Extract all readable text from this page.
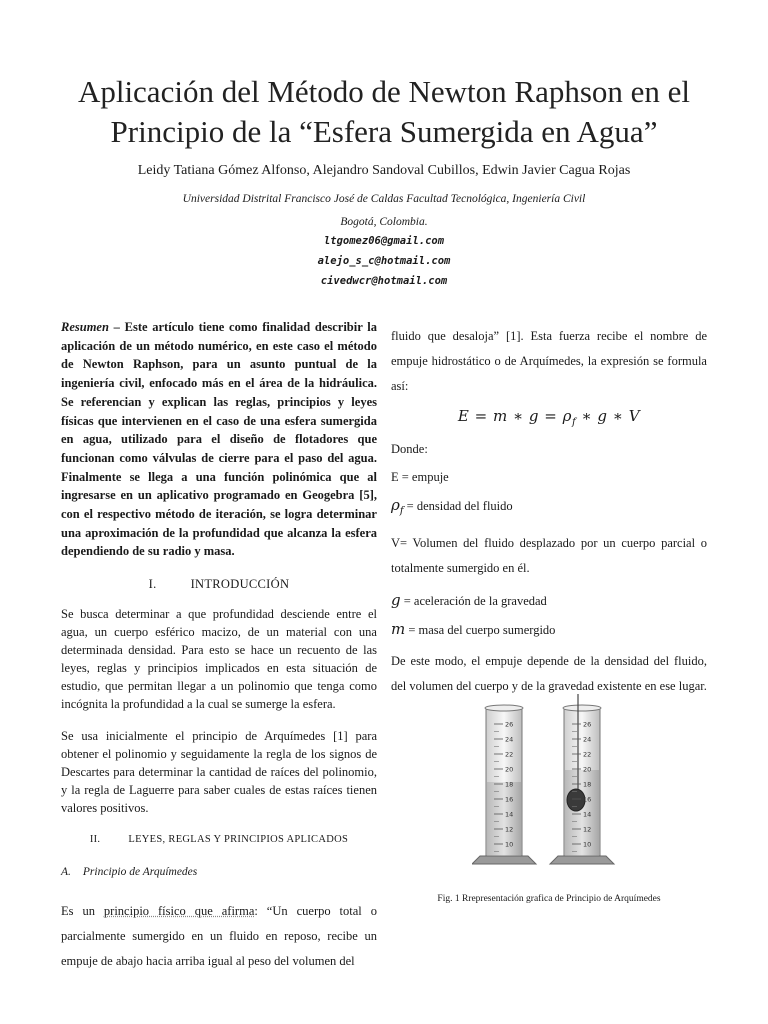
Aplicación del Método de Newton Raphson en el Principio de la “Esfera Sumergida en Agua”
Leidy Tatiana Gómez Alfonso, Alejandro Sandoval Cubillos, Edwin Javier Cagua Rojas
Universidad Distrital Francisco José de Caldas Facultad Tecnológica, Ingeniería Civil
Bogotá, Colombia.
ltgomez06@gmail.com
alejo_s_c@hotmail.com
civedwcr@hotmail.com

Resumen – Este artículo tiene como finalidad describir la aplicación de un método numérico, en este caso el método de Newton Raphson, para un asunto puntual de la ingeniería civil, enfocado más en el área de la hidráulica. Se referencian y explican las reglas, principios y leyes físicas que intervienen en el caso de una esfera sumergida en agua, utilizado para el diseño de flotadores que funcionan como válvulas de cierre para el paso del agua. Finalmente se llega a una función polinómica que al ingresarse en un aplicativo programado en Geogebra [5], con el respectivo método de iteración, se logra determinar una aproximación de la profundidad que alcanza la esfera dependiendo de su radio y masa.

I.	INTRODUCCIÓN

Se busca determinar a que profundidad desciende entre el agua, un cuerpo esférico macizo, de un material con una determinada densidad. Para esto se hace un recuento de las leyes, reglas y principios implicados en esta situación de estudio, que permitan llegar a un polinomio que tenga como incógnita la profundidad a la cual se sumerge la esfera.

Se usa inicialmente el principio de Arquímedes [1] para obtener el polinomio y seguidamente la regla de los signos de Descartes para determinar la cantidad de raíces del polinomio, y la regla de Laguerre para saber cuales de estas raíces tienen valores positivos.

II.	LEYES, REGLAS Y PRINCIPIOS APLICADOS
A. Principio de Arquímedes

Es un principio físico que afirma: “Un cuerpo total o parcialmente sumergido en un fluido en reposo, recibe un empuje de abajo hacia arriba igual al peso del volumen del

fluido que desaloja” [1]. Esta fuerza recibe el nombre de empuje hidrostático o de Arquímedes, la expresión se formula así:

E = m ∗ $g = \rho_f$ ∗ g ∗ V
Donde:
E = empuje
$\rho_f$ = densidad del fluido
V= Volumen del fluido desplazado por un cuerpo parcial o totalmente sumergido en él.
g = aceleración de la gravedad
m = masa del cuerpo sumergido

De este modo, el empuje depende de la densidad del fluido, del volumen del cuerpo y de la gravedad existente en ese lugar.

26
24
22
20
18
16
14
12
10
26
24
22
20
18
16
14
12
10
Fig. 1 Rrepresentación grafica de Principio de Arquímedes
